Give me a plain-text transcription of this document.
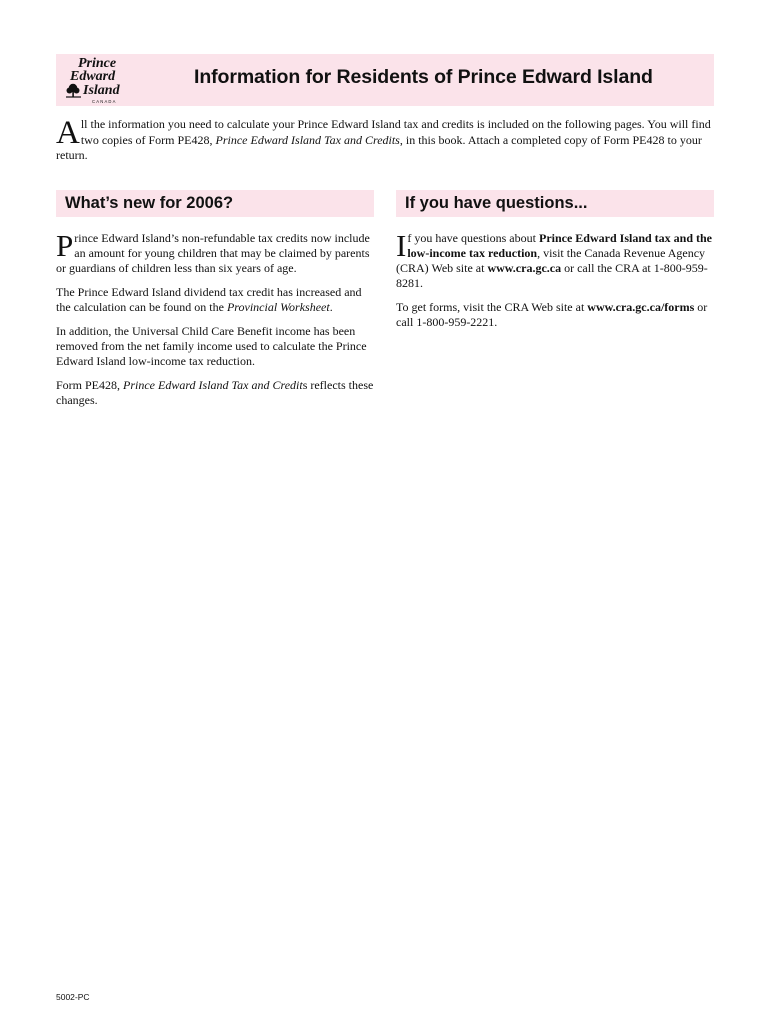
Prince
Edward
Island
CANADA
Information for Residents of Prince Edward Island

All the information you need to calculate your Prince Edward Island tax and credits is included on the following pages. You will find two copies of Form PE428, Prince Edward Island Tax and Credits, in this book. Attach a completed copy of Form PE428 to your return.

What’s new for 2006?	If you have questions...

Prince Edward Island’s non-refundable tax credits now include an amount for young children that may be claimed by parents or guardians of children less than six years of age.

The Prince Edward Island dividend tax credit has increased and the calculation can be found on the Provincial Worksheet.

In addition, the Universal Child Care Benefit income has been removed from the net family income used to calculate the Prince Edward Island low-income tax reduction.

Form PE428, Prince Edward Island Tax and Credits reflects these changes.

If you have questions about Prince Edward Island tax and the low-income tax reduction, visit the Canada Revenue Agency (CRA) Web site at www.cra.gc.ca or call the CRA at 1-800-959-8281.

To get forms, visit the CRA Web site at www.cra.gc.ca/forms or call 1-800-959-2221.

5002-PC
